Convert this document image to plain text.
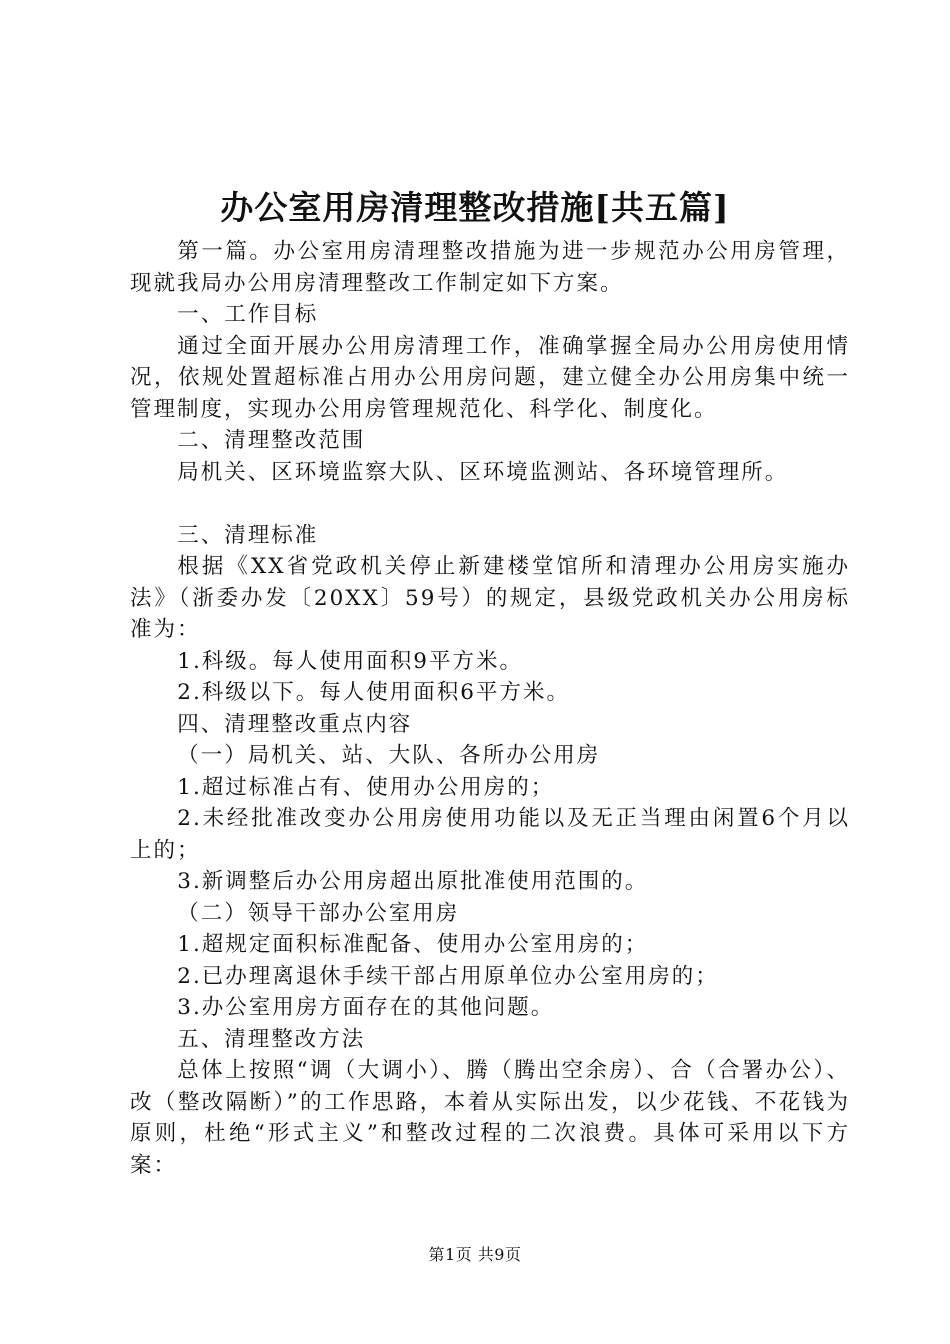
办公室用房清理整改措施[共五篇]

第一篇。办公室用房清理整改措施为进一步规范办公用房管理，现就我局办公用房清理整改工作制定如下方案。

一、工作目标

通过全面开展办公用房清理工作，准确掌握全局办公用房使用情况，依规处置超标准占用办公用房问题，建立健全办公用房集中统一管理制度，实现办公用房管理规范化、科学化、制度化。

二、清理整改范围

局机关、区环境监察大队、区环境监测站、各环境管理所。

三、清理标准

根据《XX省党政机关停止新建楼堂馆所和清理办公用房实施办法》（浙委办发〔20XX〕59号）的规定，县级党政机关办公用房标准为：

1.科级。每人使用面积9平方米。

2.科级以下。每人使用面积6平方米。

四、清理整改重点内容

（一）局机关、站、大队、各所办公用房

1.超过标准占有、使用办公用房的；

2.未经批准改变办公用房使用功能以及无正当理由闲置6个月以上的；

3.新调整后办公用房超出原批准使用范围的。

（二）领导干部办公室用房

1.超规定面积标准配备、使用办公室用房的；

2.已办理离退休手续干部占用原单位办公室用房的；

3.办公室用房方面存在的其他问题。

五、清理整改方法

总体上按照“调（大调小）、腾（腾出空余房）、合（合署办公）、改（整改隔断）”的工作思路，本着从实际出发，以少花钱、不花钱为原则，杜绝“形式主义”和整改过程的二次浪费。具体可采用以下方案：

第1页 共9页
